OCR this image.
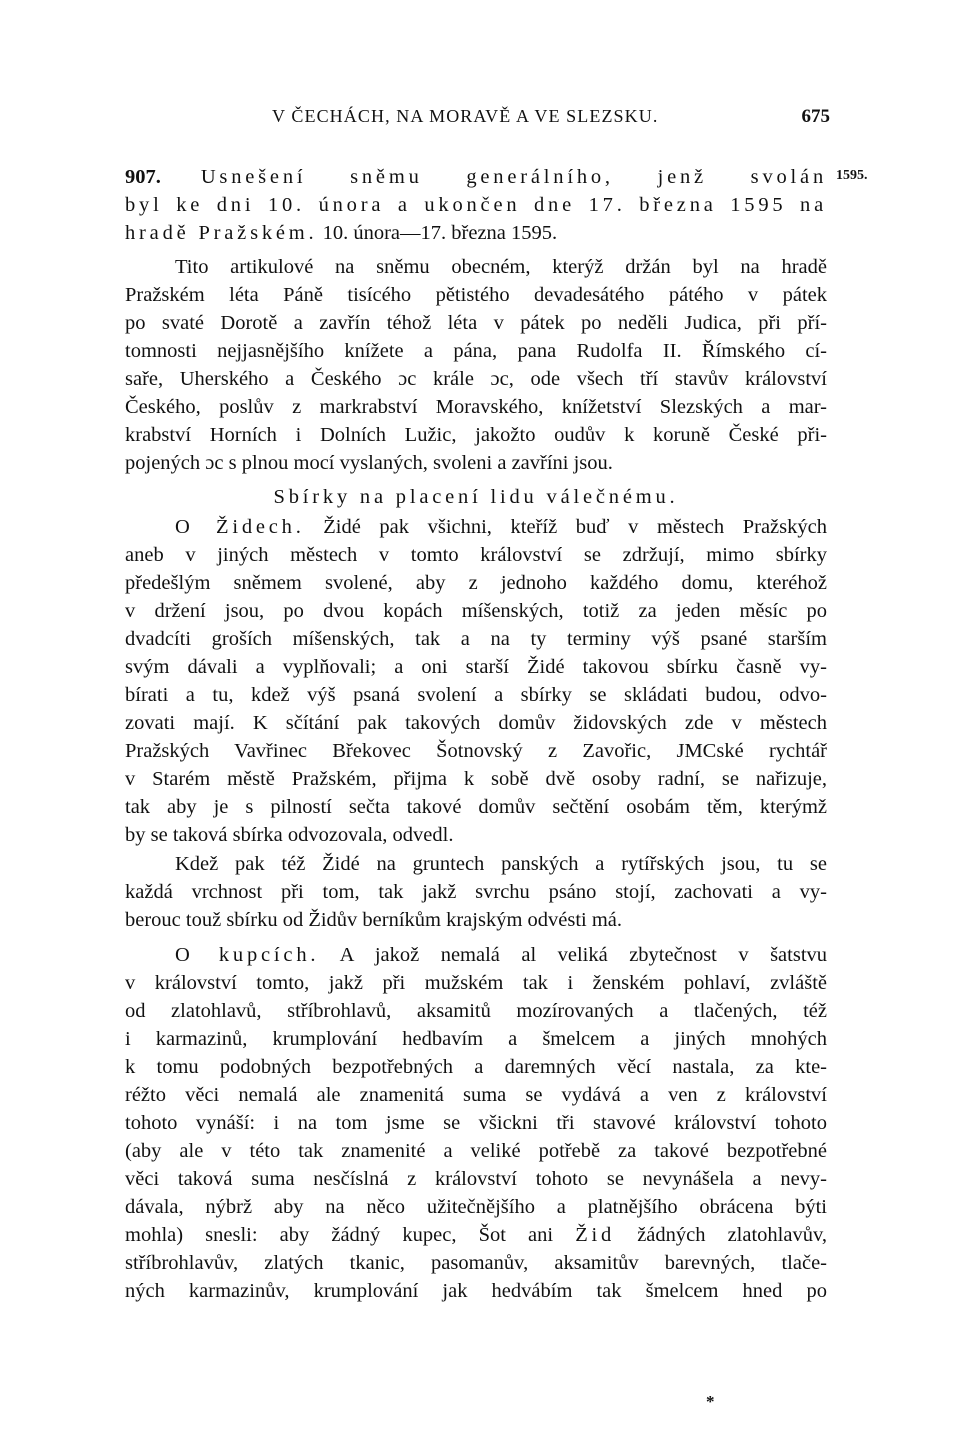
V ČECHÁCH, NA MORAVĚ A VE SLEZSKU.	675
1595.
907. Usnešení sněmu generálního, jenž svolán
byl ke dni 10. února a ukončen dne 17. března 1595 na
hradě Pražském. 10. února—17. března 1595.
Tito artikulové na sněmu obecném, kterýž držán byl na hradě
Pražském léta Páně tisícého pětistého devadesátého pátého v pátek
po svaté Dorotě a zavřín téhož léta v pátek po neděli Judica, při pří-
tomnosti nejjasnějšího knížete a pána, pana Rudolfa II. Římského cí-
saře, Uherského a Českého ɔc krále ɔc, ode všech tří stavův království
Českého, poslův z markrabství Moravského, knížetství Slezských a mar-
krabství Horních i Dolních Lužic, jakožto oudův k koruně České při-
pojených ɔc s plnou mocí vyslaných, svoleni a zavříni jsou.
Sbírky na placení lidu válečnému.
O Židech. Židé pak všichni, kteříž buď v městech Pražských
aneb v jiných městech v tomto království se zdržují, mimo sbírky
předešlým sněmem svolené, aby z jednoho každého domu, kteréhož
v držení jsou, po dvou kopách míšenských, totiž za jeden měsíc po
dvadcíti groších míšenských, tak a na ty terminy výš psané starším
svým dávali a vyplňovali; a oni starší Židé takovou sbírku časně vy-
bírati a tu, kdež výš psaná svolení a sbírky se skládati budou, odvo-
zovati mají. K sčítání pak takových domův židovských zde v městech
Pražských Vavřinec Břekovec Šotnovský z Zavořic, JMCské rychtář
v Starém městě Pražském, přijma k sobě dvě osoby radní, se nařizuje,
tak aby je s pilností sečta takové domův sečtění osobám těm, kterýmž
by se taková sbírka odvozovala, odvedl.
Kdež pak též Židé na gruntech panských a rytířských jsou, tu se
každá vrchnost při tom, tak jakž svrchu psáno stojí, zachovati a vy-
berouc touž sbírku od Židův berníkům krajským odvésti má.
O kupcích. A jakož nemalá al veliká zbytečnost v šatstvu
v království tomto, jakž při mužském tak i ženském pohlaví, zvláště
od zlatohlavů, stříbrohlavů, aksamitů mozírovaných a tlačených, též
i karmazinů, krumplování hedbavím a šmelcem a jiných mnohých
k tomu podobných bezpotřebných a daremných věcí nastala, za kte-
réžto věci nemalá ale znamenitá suma se vydává a ven z království
tohoto vynáší: i na tom jsme se všickni tři stavové království tohoto
(aby ale v této tak znamenité a veliké potřebě za takové bezpotřebné
věci taková suma nesčíslná z království tohoto se nevynášela a nevy-
dávala, nýbrž aby na něco užitečnějšího a platnějšího obrácena býti
mohla) snesli: aby žádný kupec, Šot ani Žid žádných zlatohlavův,
stříbrohlavův, zlatých tkanic, pasomanův, aksamitův barevných, tlače-
ných karmazinův, krumplování jak hedvábím tak šmelcem hned po
*
